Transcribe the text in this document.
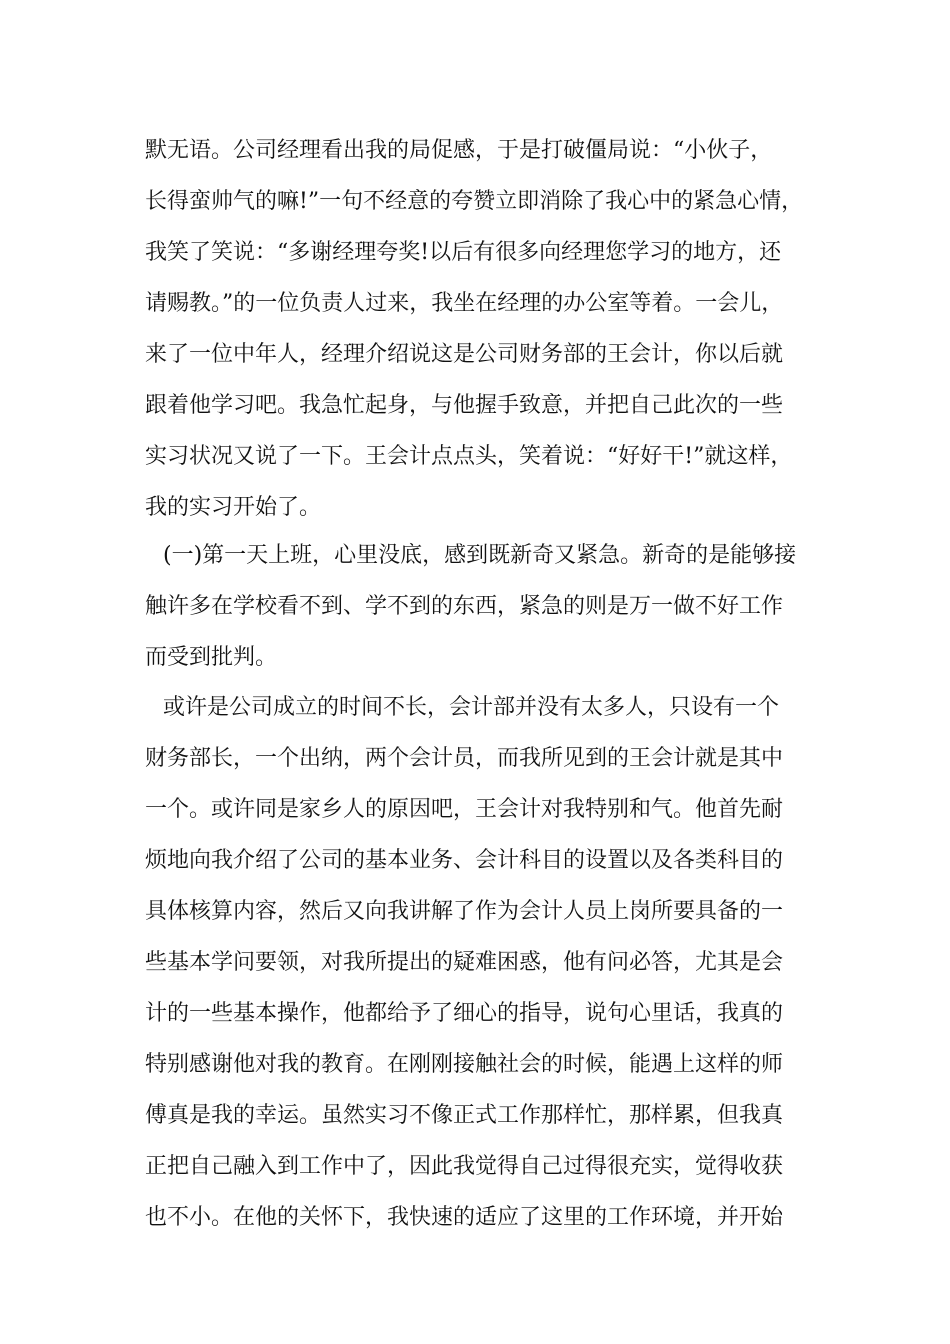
默无语。公司经理看出我的局促感，于是打破僵局说：“小伙子，
长得蛮帅气的嘛!”一句不经意的夸赞立即消除了我心中的紧急心情，
我笑了笑说：“多谢经理夸奖!以后有很多向经理您学习的地方，还
请赐教。”的一位负责人过来，我坐在经理的办公室等着。一会儿，
来了一位中年人，经理介绍说这是公司财务部的王会计，你以后就
跟着他学习吧。我急忙起身，与他握手致意，并把自己此次的一些
实习状况又说了一下。王会计点点头，笑着说：“好好干!”就这样，
我的实习开始了。
(一)第一天上班，心里没底，感到既新奇又紧急。新奇的是能够接
触许多在学校看不到、学不到的东西，紧急的则是万一做不好工作
而受到批判。
或许是公司成立的时间不长，会计部并没有太多人，只设有一个
财务部长，一个出纳，两个会计员，而我所见到的王会计就是其中
一个。或许同是家乡人的原因吧，王会计对我特别和气。他首先耐
烦地向我介绍了公司的基本业务、会计科目的设置以及各类科目的
具体核算内容，然后又向我讲解了作为会计人员上岗所要具备的一
些基本学问要领，对我所提出的疑难困惑，他有问必答，尤其是会
计的一些基本操作，他都给予了细心的指导，说句心里话，我真的
特别感谢他对我的教育。在刚刚接触社会的时候，能遇上这样的师
傅真是我的幸运。虽然实习不像正式工作那样忙，那样累，但我真
正把自己融入到工作中了，因此我觉得自己过得很充实，觉得收获
也不小。在他的关怀下，我快速的适应了这里的工作环境，并开始
